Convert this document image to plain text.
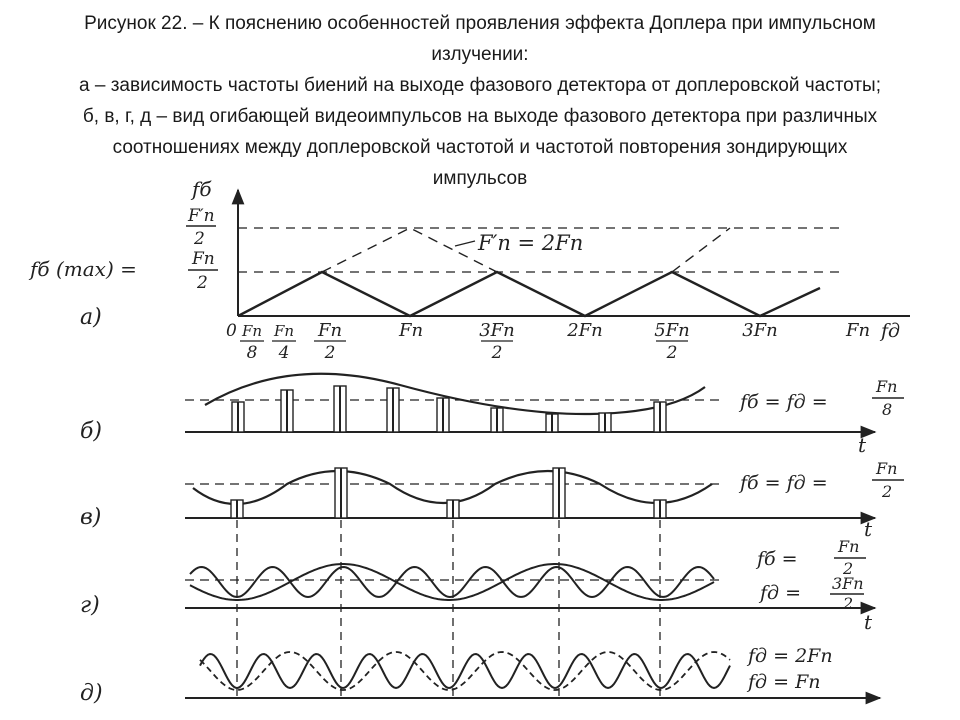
Рисунок 22. – К пояснению особенностей проявления эффекта Доплера при импульсном
излучении:
а – зависимость частоты биений на выходе фазового детектора от доплеровской частоты;
б, в, г, д – вид огибающей видеоимпульсов на выходе фазового детектора при различных
соотношениях между доплеровской частотой и частотой повторения зондирующих
импульсов
fб
F′п
2
fб (max) =	Fп
2
F′п = 2Fп
а)
fд
0 Fп
8
Fп
4
Fп
2
Fп	3Fп
2
2Fп	5Fп
2
3Fп	Fп
б)
fб = fд =
Fп
8
t
в)
fб = fд =
Fп
2
t
г)
fб =
Fп
2
fд = 3Fп
2
t
д)
fд = 2Fп
fд = Fп
